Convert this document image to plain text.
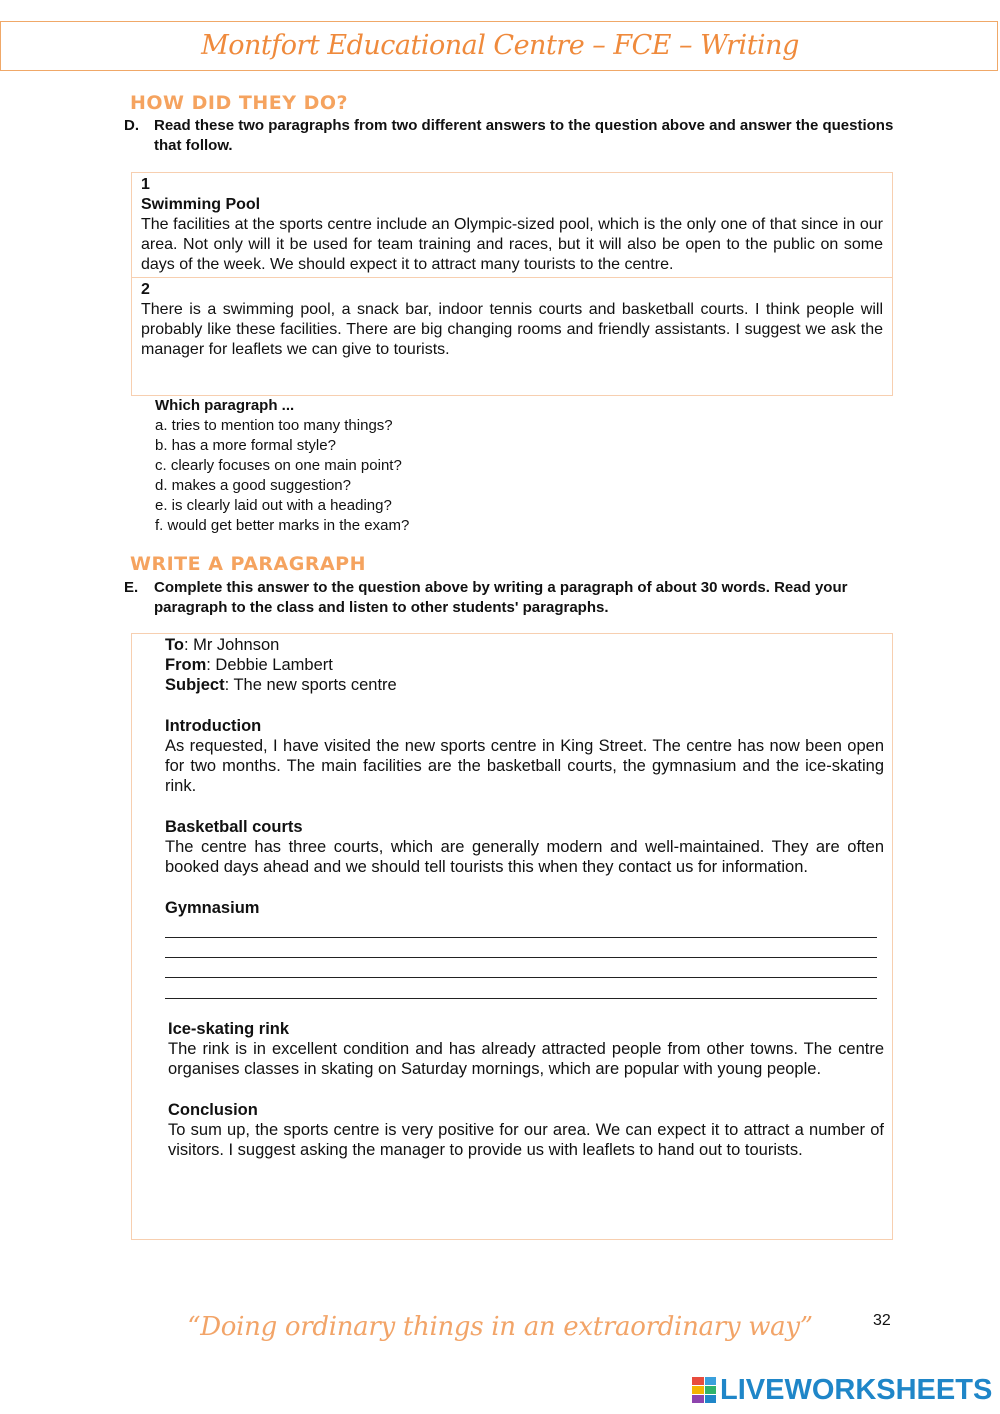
Montfort Educational Centre – FCE – Writing
HOW DID THEY DO?
D.	Read these two paragraphs from two different answers to the question above and answer the questions that follow.
1
Swimming Pool
The facilities at the sports centre include an Olympic-sized pool, which is the only one of that since in our area. Not only will it be used for team training and races, but it will also be open to the public on some days of the week. We should expect it to attract many tourists to the centre.
2
There is a swimming pool, a snack bar, indoor tennis courts and basketball courts. I think people will probably like these facilities. There are big changing rooms and friendly assistants. I suggest we ask the manager for leaflets we can give to tourists.
Which paragraph ...
a. tries to mention too many things?
b. has a more formal style?
c. clearly focuses on one main point?
d. makes a good suggestion?
e. is clearly laid out with a heading?
f. would get better marks in the exam?
WRITE A PARAGRAPH
E.	Complete this answer to the question above by writing a paragraph of about 30 words. Read your paragraph to the class and listen to other students' paragraphs.
To: Mr Johnson
From: Debbie Lambert
Subject: The new sports centre
Introduction
As requested, I have visited the new sports centre in King Street. The centre has now been open for two months. The main facilities are the basketball courts, the gymnasium and the ice-skating rink.
Basketball courts
The centre has three courts, which are generally modern and well-maintained. They are often booked days ahead and we should tell tourists this when they contact us for information.
Gymnasium
Ice-skating rink
The rink is in excellent condition and has already attracted people from other towns. The centre organises classes in skating on Saturday mornings, which are popular with young people.
Conclusion
To sum up, the sports centre is very positive for our area. We can expect it to attract a number of visitors. I suggest asking the manager to provide us with leaflets to hand out to tourists.
“Doing ordinary things in an extraordinary way”	32
LIVEWORKSHEETS
